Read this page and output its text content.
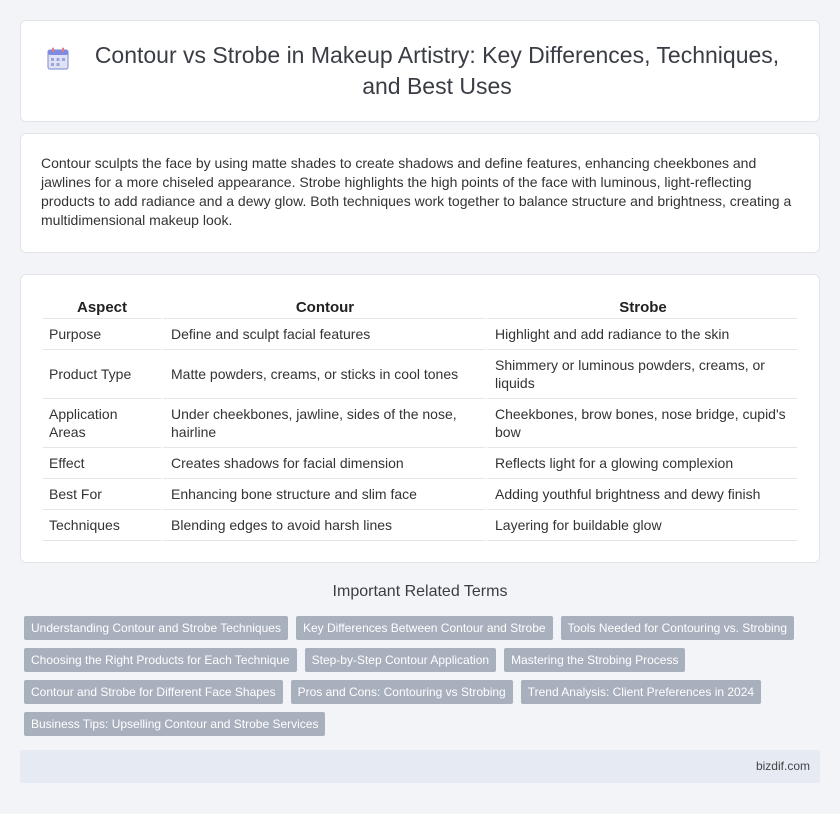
Contour vs Strobe in Makeup Artistry: Key Differences, Techniques, and Best Uses

Contour sculpts the face by using matte shades to create shadows and define features, enhancing cheekbones and jawlines for a more chiseled appearance. Strobe highlights the high points of the face with luminous, light-reflecting products to add radiance and a dewy glow. Both techniques work together to balance structure and brightness, creating a multidimensional makeup look.

Aspect	Contour	Strobe
Purpose	Define and sculpt facial features	Highlight and add radiance to the skin
Product Type	Matte powders, creams, or sticks in cool tones	Shimmery or luminous powders, creams, or liquids
Application Areas	Under cheekbones, jawline, sides of the nose, hairline	Cheekbones, brow bones, nose bridge, cupid's bow
Effect	Creates shadows for facial dimension	Reflects light for a glowing complexion
Best For	Enhancing bone structure and slim face	Adding youthful brightness and dewy finish
Techniques	Blending edges to avoid harsh lines	Layering for buildable glow
Important Related Terms
Understanding Contour and Strobe Techniques	Key Differences Between Contour and Strobe	Tools Needed for Contouring vs. Strobing
Choosing the Right Products for Each Technique	Step-by-Step Contour Application	Mastering the Strobing Process
Contour and Strobe for Different Face Shapes	Pros and Cons: Contouring vs Strobing	Trend Analysis: Client Preferences in 2024
Business Tips: Upselling Contour and Strobe Services
bizdif.com
